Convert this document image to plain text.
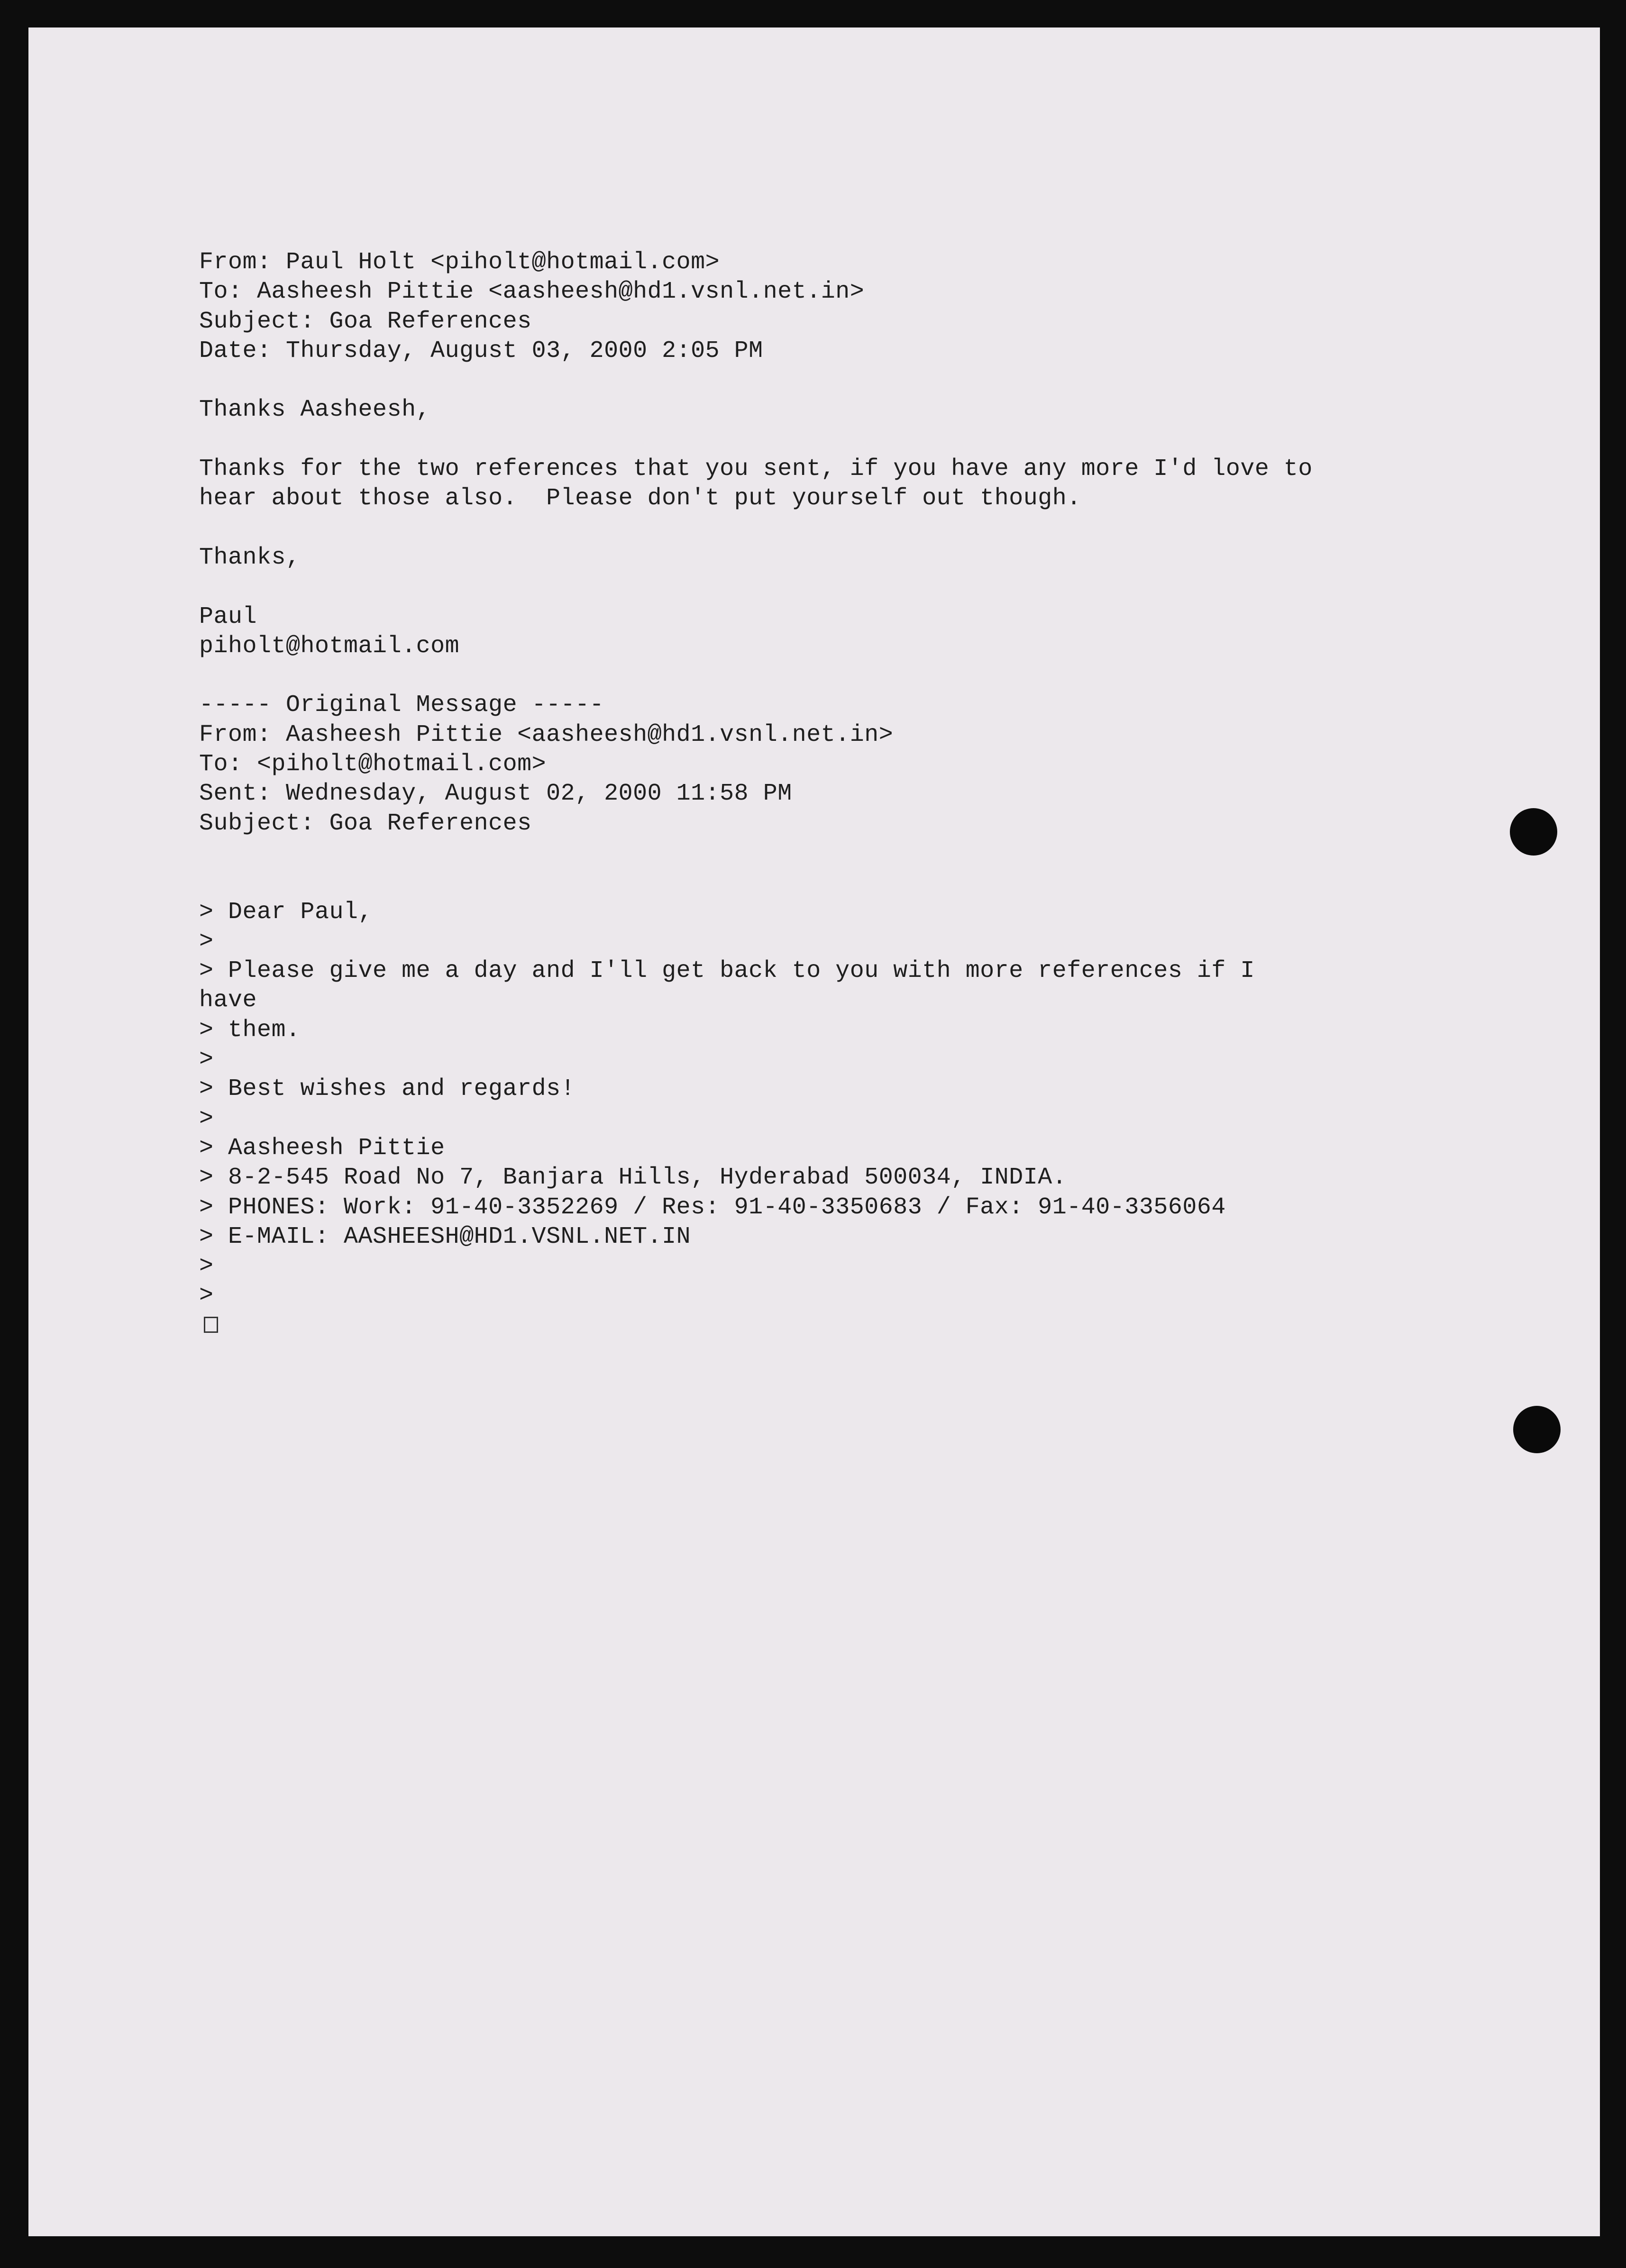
From: Paul Holt <piholt@hotmail.com>
To: Aasheesh Pittie <aasheesh@hd1.vsnl.net.in>
Subject: Goa References
Date: Thursday, August 03, 2000 2:05 PM
Thanks Aasheesh,
Thanks for the two references that you sent, if you have any more I'd love to
hear about those also.  Please don't put yourself out though.
Thanks,
Paul
piholt@hotmail.com
----- Original Message -----
From: Aasheesh Pittie <aasheesh@hd1.vsnl.net.in>
To: <piholt@hotmail.com>
Sent: Wednesday, August 02, 2000 11:58 PM
Subject: Goa References
> Dear Paul,
>
> Please give me a day and I'll get back to you with more references if I
have
> them.
>
> Best wishes and regards!
>
> Aasheesh Pittie
> 8-2-545 Road No 7, Banjara Hills, Hyderabad 500034, INDIA.
> PHONES: Work: 91-40-3352269 / Res: 91-40-3350683 / Fax: 91-40-3356064
> E-MAIL: AASHEESH@HD1.VSNL.NET.IN
>
>
